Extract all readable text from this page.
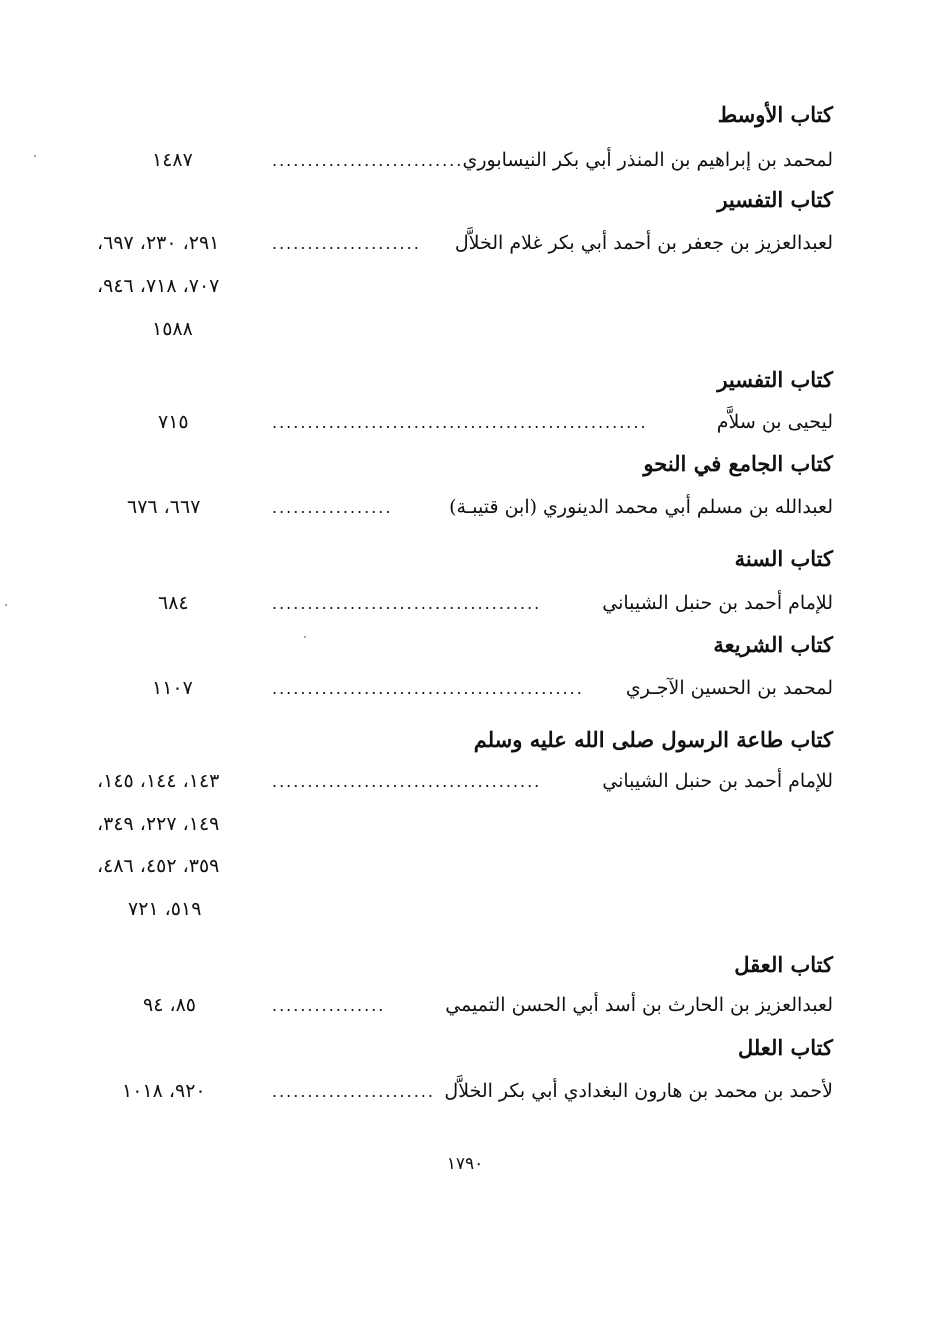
كتاب الأوسط
لمحمد بن إبراهيم بن المنذر أبي بكر النيسابوري
...........................
١٤٨٧
كتاب التفسير
لعبدالعزيز بن جعفر بن أحمد أبي بكر غلام الخلاَّل
.....................
٢٩١، ٢٣٠، ٦٩٧،
٧٠٧، ٧١٨، ٩٤٦،
١٥٨٨
كتاب التفسير
ليحيى بن سلاَّم
.....................................................
٧١٥
كتاب الجامع في النحو
لعبدالله بن مسلم أبي محمد الدينوري (ابن قتيبـة)
.................
٦٦٧، ٦٧٦
كتاب السنة
للإمام أحمد بن حنبل الشيباني
......................................
٦٨٤
كتاب الشريعة
لمحمد بن الحسين الآجـري
............................................
١١٠٧
كتاب طاعة الرسول صلى الله عليه وسلم
للإمام أحمد بن حنبل الشيباني
......................................
١٤٣، ١٤٤، ١٤٥،
١٤٩، ٢٢٧، ٣٤٩،
٣٥٩، ٤٥٢، ٤٨٦،
٥١٩، ٧٢١
كتاب العقل
لعبدالعزيز بن الحارث بن أسد أبي الحسن التميمي
................
٨٥، ٩٤
كتاب العلل
لأحمد بن محمد بن هارون البغدادي أبي بكر الخلاَّل
.......................
٩٢٠، ١٠١٨
١٧٩٠
